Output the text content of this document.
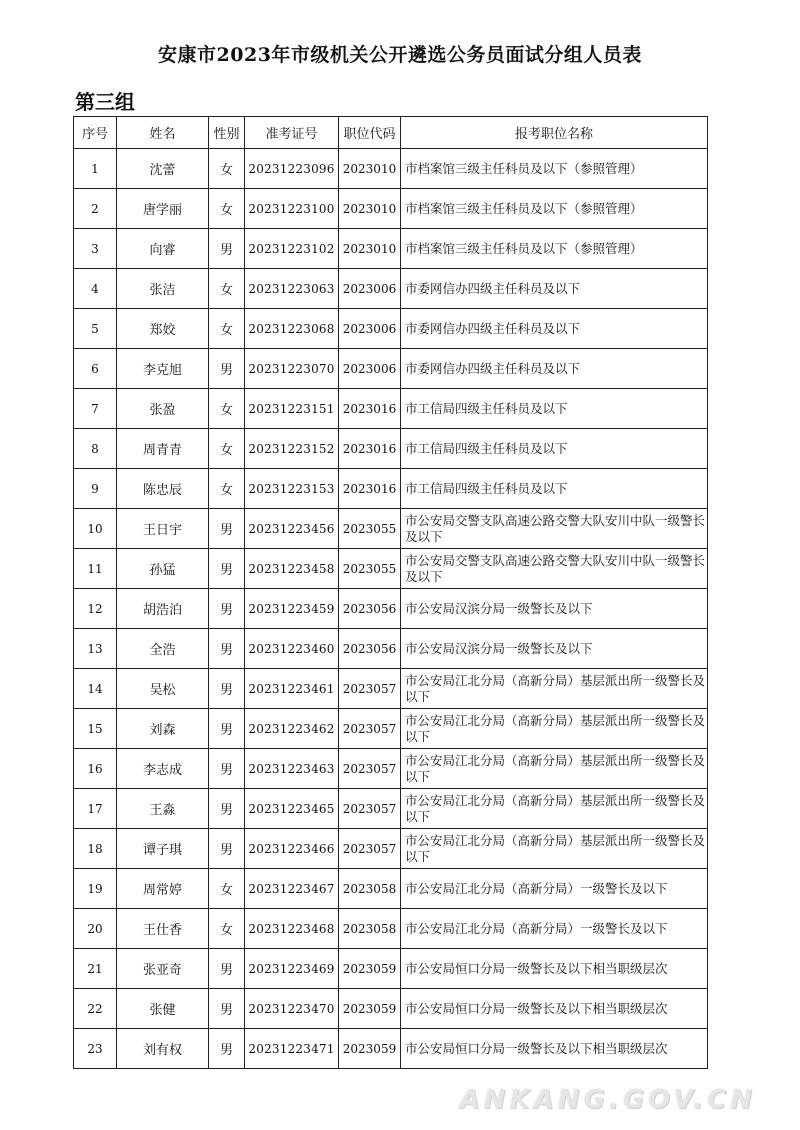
安康市2023年市级机关公开遴选公务员面试分组人员表
第三组
序号	姓名	性别	准考证号	职位代码	报考职位名称
1	沈蕾	女	20231223096	2023010	市档案馆三级主任科员及以下（参照管理）
2	唐学丽	女	20231223100	2023010	市档案馆三级主任科员及以下（参照管理）
3	向睿	男	20231223102	2023010	市档案馆三级主任科员及以下（参照管理）
4	张洁	女	20231223063	2023006	市委网信办四级主任科员及以下
5	郑姣	女	20231223068	2023006	市委网信办四级主任科员及以下
6	李克旭	男	20231223070	2023006	市委网信办四级主任科员及以下
7	张盈	女	20231223151	2023016	市工信局四级主任科员及以下
8	周青青	女	20231223152	2023016	市工信局四级主任科员及以下
9	陈忠辰	女	20231223153	2023016	市工信局四级主任科员及以下
10	王日宇	男	20231223456	2023055	市公安局交警支队高速公路交警大队安川中队一级警长及以下
11	孙猛	男	20231223458	2023055	市公安局交警支队高速公路交警大队安川中队一级警长及以下
12	胡浩泊	男	20231223459	2023056	市公安局汉滨分局一级警长及以下
13	全浩	男	20231223460	2023056	市公安局汉滨分局一级警长及以下
14	吴松	男	20231223461	2023057	市公安局江北分局（高新分局）基层派出所一级警长及以下
15	刘森	男	20231223462	2023057	市公安局江北分局（高新分局）基层派出所一级警长及以下
16	李志成	男	20231223463	2023057	市公安局江北分局（高新分局）基层派出所一级警长及以下
17	王淼	男	20231223465	2023057	市公安局江北分局（高新分局）基层派出所一级警长及以下
18	谭子琪	男	20231223466	2023057	市公安局江北分局（高新分局）基层派出所一级警长及以下
19	周常婷	女	20231223467	2023058	市公安局江北分局（高新分局）一级警长及以下
20	王仕香	女	20231223468	2023058	市公安局江北分局（高新分局）一级警长及以下
21	张亚奇	男	20231223469	2023059	市公安局恒口分局一级警长及以下相当职级层次
22	张健	男	20231223470	2023059	市公安局恒口分局一级警长及以下相当职级层次
23	刘有权	男	20231223471	2023059	市公安局恒口分局一级警长及以下相当职级层次
ANKANG.GOV.CN
